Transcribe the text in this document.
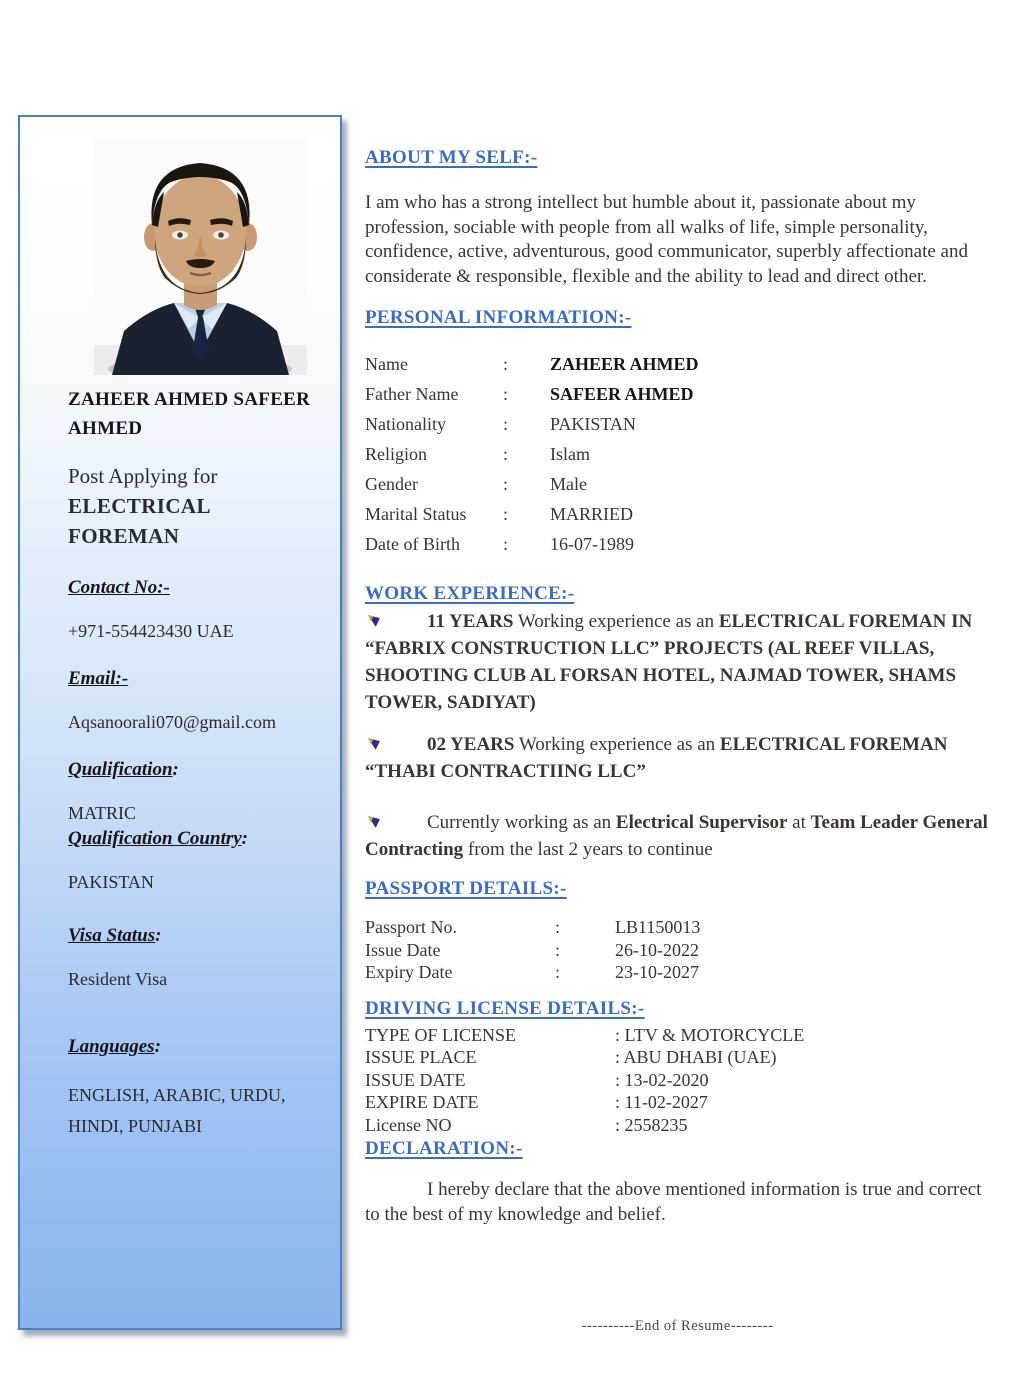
ZAHEER AHMED SAFEER AHMED
Post Applying for
ELECTRICAL FOREMAN
Contact No:-
+971-554423430 UAE
Email:-
Aqsanoorali070@gmail.com
Qualification:
MATRIC
Qualification Country:
PAKISTAN
Visa Status:
Resident Visa
Languages:
ENGLISH, ARABIC, URDU, HINDI, PUNJABI
ABOUT MY SELF:-

I am who has a strong intellect but humble about it, passionate about my profession, sociable with people from all walks of life, simple personality, confidence, active, adventurous, good communicator, superbly affectionate and considerate & responsible, flexible and the ability to lead and direct other.

PERSONAL INFORMATION:-
Name	:	ZAHEER AHMED
Father Name	:	SAFEER AHMED
Nationality	:	PAKISTAN
Religion	:	Islam
Gender	:	Male
Marital Status	:	MARRIED
Date of Birth	:	16-07-1989
WORK EXPERIENCE:-
11 YEARS Working experience as an ELECTRICAL FOREMAN IN “FABRIX CONSTRUCTION LLC” PROJECTS (AL REEF VILLAS, SHOOTING CLUB AL FORSAN HOTEL, NAJMAD TOWER, SHAMS TOWER, SADIYAT)
02 YEARS Working experience as an ELECTRICAL FOREMAN “THABI CONTRACTIING LLC”
Currently working as an Electrical Supervisor at Team Leader General Contracting from the last 2 years to continue
PASSPORT DETAILS:-
Passport No.	:	LB1150013
Issue Date	:	26-10-2022
Expiry Date	:	23-10-2027
DRIVING LICENSE DETAILS:-
TYPE OF LICENSE	: LTV & MOTORCYCLE
ISSUE PLACE	: ABU DHABI (UAE)
ISSUE DATE	: 13-02-2020
EXPIRE DATE	: 11-02-2027
License NO	: 2558235
DECLARATION:-

I hereby declare that the above mentioned information is true and correct to the best of my knowledge and belief.

----------End of Resume--------
